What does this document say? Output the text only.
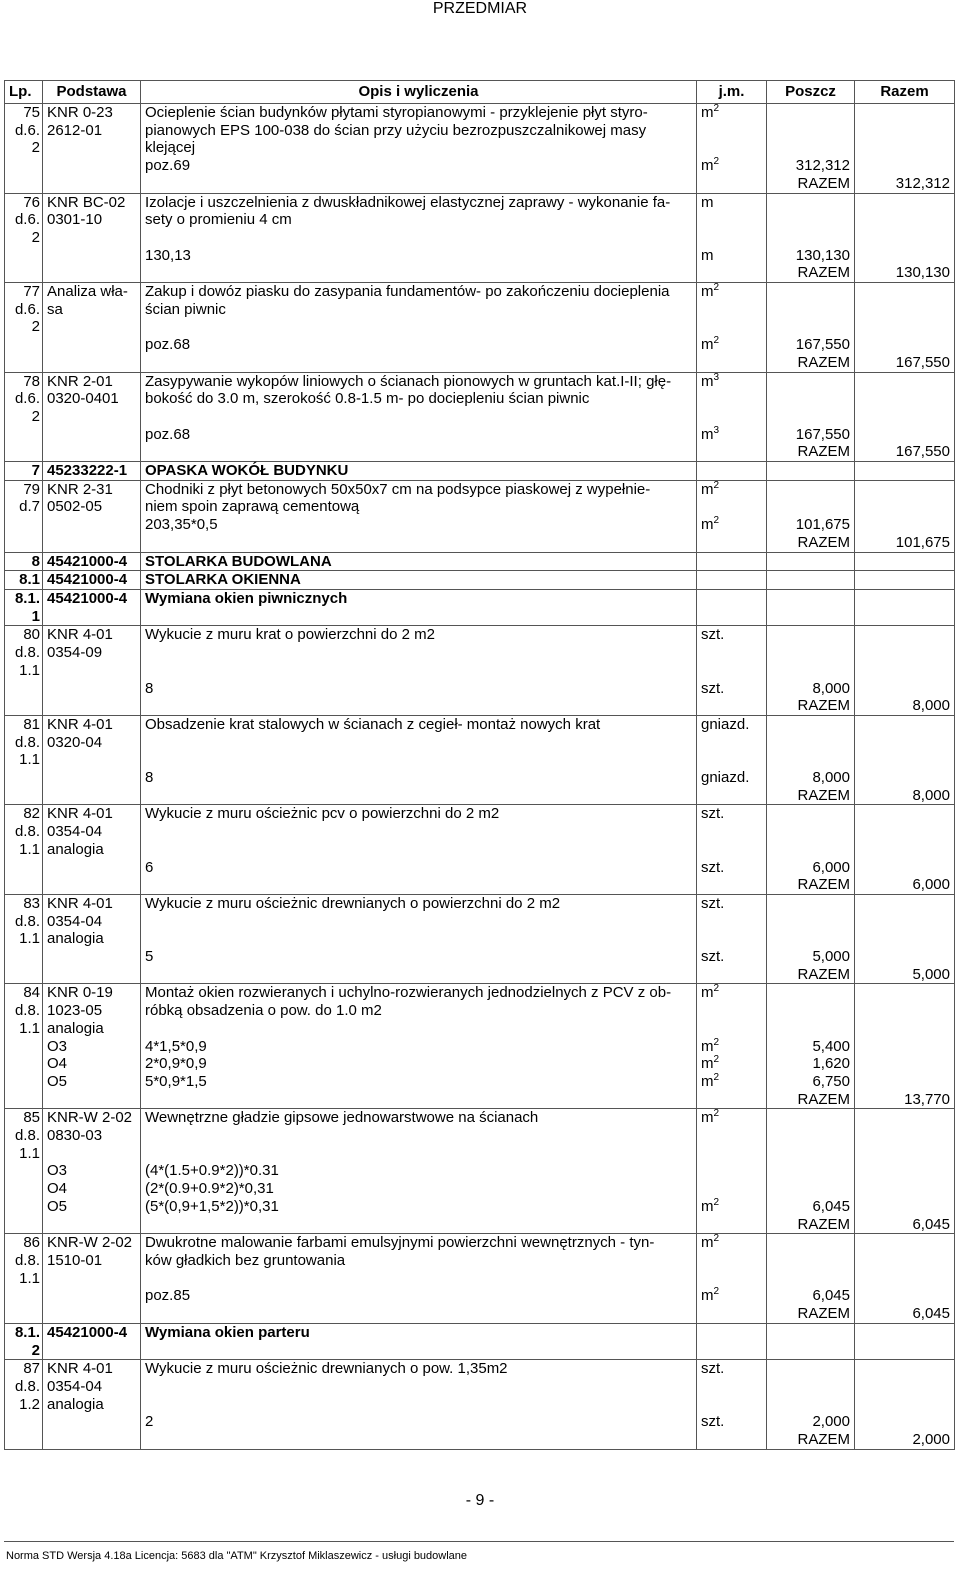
PRZEDMIAR
Lp.	Podstawa	Opis i wyliczenia	j.m.	Poszcz	Razem
75
d.6.
2	KNR 0-23
2612-01	Ocieplenie ścian budynków płytami styropianowymi - przyklejenie płyt styro-
pianowych EPS 100-038 do ścian przy użyciu bezrozpuszczalnikowej masy
klejącej	$m^2$		
		poz.69	$m^2$	312,312	
				RAZEM	312,312
76
d.6.
2	KNR BC-02
0301-10	Izolacje i uszczelnienia z dwuskładnikowej elastycznej zaprawy - wykonanie fa-
sety o promieniu 4 cm	m		
		130,13	m	130,130	
				RAZEM	130,130
77
d.6.
2	Analiza wła-
sa	Zakup i dowóz piasku do zasypania fundamentów- po zakończeniu docieplenia
ścian piwnic	$m^2$		
		poz.68	$m^2$	167,550	
				RAZEM	167,550
78
d.6.
2	KNR 2-01
0320-0401	Zasypywanie wykopów liniowych o ścianach pionowych w gruntach kat.I-II; głę-
bokość do 3.0 m, szerokość 0.8-1.5 m- po dociepleniu ścian piwnic	$m^3$		
		poz.68	$m^3$	167,550	
				RAZEM	167,550
7	45233222-1	OPASKA WOKÓŁ BUDYNKU			
79
d.7	KNR 2-31
0502-05	Chodniki z płyt betonowych 50x50x7 cm na podsypce piaskowej z wypełnie-
niem spoin zaprawą cementową	$m^2$		
		203,35*0,5	$m^2$	101,675	
				RAZEM	101,675
8	45421000-4	STOLARKA BUDOWLANA			
8.1	45421000-4	STOLARKA OKIENNA			
8.1.
1	45421000-4	Wymiana okien piwnicznych			
80
d.8.
1.1	KNR 4-01
0354-09	Wykucie z muru krat o powierzchni do 2 m2	szt.		
		8	szt.	8,000	
				RAZEM	8,000
81
d.8.
1.1	KNR 4-01
0320-04	Obsadzenie krat stalowych w ścianach z cegieł- montaż nowych krat	gniazd.		
		8	gniazd.	8,000	
				RAZEM	8,000
82
d.8.
1.1	KNR 4-01
0354-04
analogia	Wykucie z muru ościeżnic pcv o powierzchni do 2 m2	szt.		
		6	szt.	6,000	
				RAZEM	6,000
83
d.8.
1.1	KNR 4-01
0354-04
analogia	Wykucie z muru ościeżnic drewnianych o powierzchni do 2 m2	szt.		
		5	szt.	5,000	
				RAZEM	5,000
84
d.8.
1.1	KNR 0-19
1023-05
analogia	Montaż okien rozwieranych i uchylno-rozwieranych jednodzielnych z PCV z ob-
róbką obsadzenia o pow. do 1.0 m2	$m^2$		
	O3	4*1,5*0,9	$m^2$	5,400	
	O4	2*0,9*0,9	$m^2$	1,620	
	O5	5*0,9*1,5	$m^2$	6,750	
				RAZEM	13,770
85
d.8.
1.1	KNR-W 2-02
0830-03	Wewnętrzne gładzie gipsowe jednowarstwowe na ścianach	$m^2$		
	O3	(4*(1.5+0.9*2))*0.31			
	O4	(2*(0.9+0.9*2)*0,31			
	O5	(5*(0,9+1,5*2))*0,31	$m^2$	6,045	
				RAZEM	6,045
86
d.8.
1.1	KNR-W 2-02
1510-01	Dwukrotne malowanie farbami emulsyjnymi powierzchni wewnętrznych - tyn-
ków gładkich bez gruntowania	$m^2$		
		poz.85	$m^2$	6,045	
				RAZEM	6,045
8.1.
2	45421000-4	Wymiana okien parteru			
87
d.8.
1.2	KNR 4-01
0354-04
analogia	Wykucie z muru ościeżnic drewnianych o pow. 1,35m2	szt.		
		2	szt.	2,000	
				RAZEM	2,000
- 9 -
Norma STD Wersja 4.18a Licencja: 5683 dla "ATM" Krzysztof Miklaszewicz - usługi budowlane
